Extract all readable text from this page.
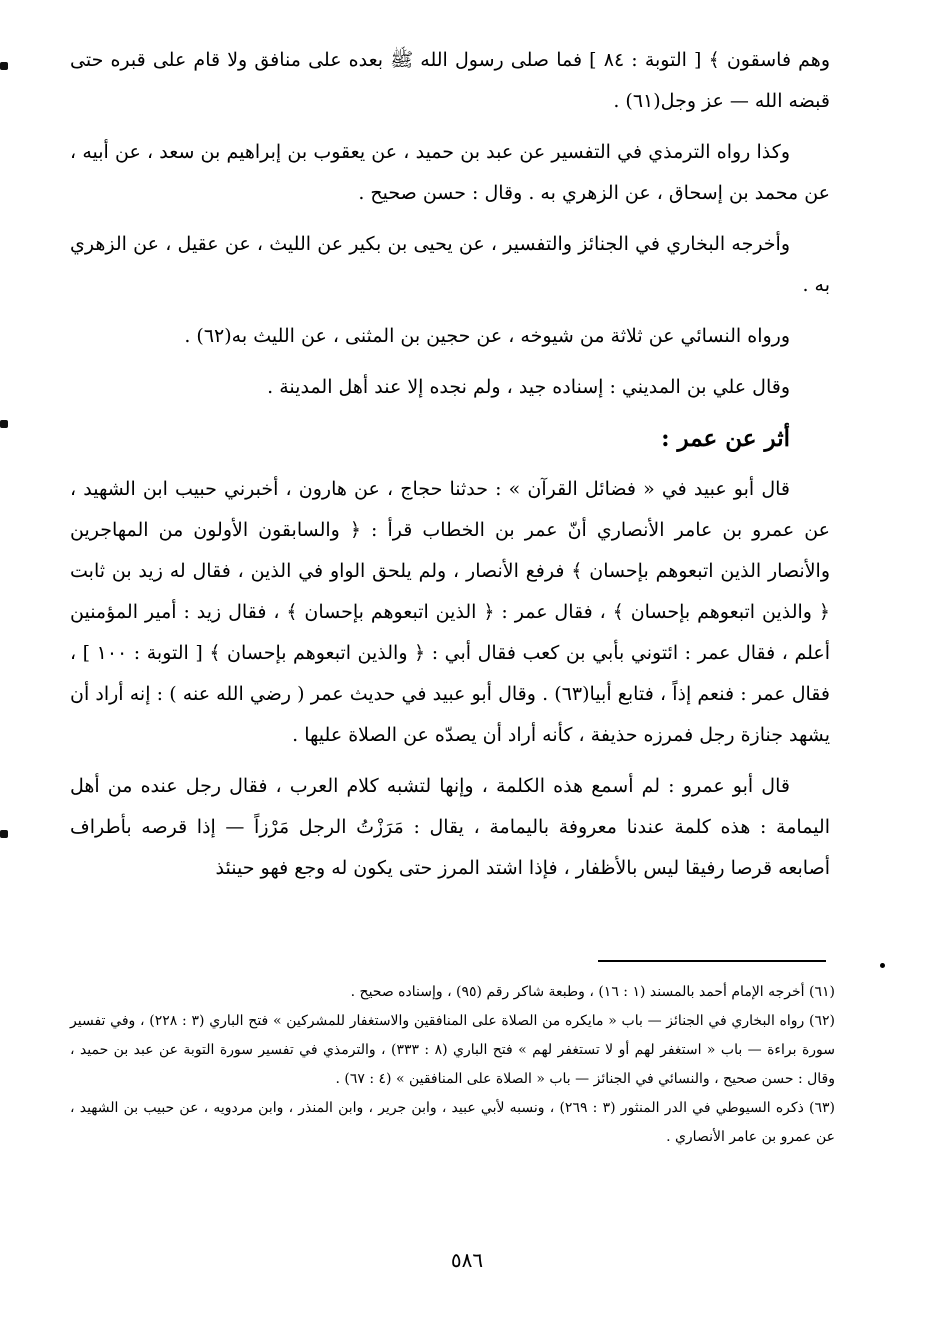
وهم فاسقون ﴾ [ التوبة : ٨٤ ] فما صلى رسول الله ﷺ بعده على منافق ولا قام على قبره حتى قبضه الله — عز وجل(٦١) .

وكذا رواه الترمذي في التفسير عن عبد بن حميد ، عن يعقوب بن إبراهيم بن سعد ، عن أبيه ، عن محمد بن إسحاق ، عن الزهري به . وقال : حسن صحيح .

وأخرجه البخاري في الجنائز والتفسير ، عن يحيى بن بكير عن الليث ، عن عقيل ، عن الزهري به .

ورواه النسائي عن ثلاثة من شيوخه ، عن حجين بن المثنى ، عن الليث به(٦٢) .

وقال علي بن المديني : إسناده جيد ، ولم نجده إلا عند أهل المدينة .

أثر عن عمر :

قال أبو عبيد في « فضائل القرآن » : حدثنا حجاج ، عن هارون ، أخبرني حبيب ابن الشهيد ، عن عمرو بن عامر الأنصاري أنّ عمر بن الخطاب قرأ : ﴿ والسابقون الأولون من المهاجرين والأنصار الذين اتبعوهم بإحسان ﴾ فرفع الأنصار ، ولم يلحق الواو في الذين ، فقال له زيد بن ثابت ﴿ والذين اتبعوهم بإحسان ﴾ ، فقال عمر : ﴿ الذين اتبعوهم بإحسان ﴾ ، فقال زيد : أمير المؤمنين أعلم ، فقال عمر : ائتوني بأبي بن كعب فقال أبي : ﴿ والذين اتبعوهم بإحسان ﴾ [ التوبة : ١٠٠ ] ، فقال عمر : فنعم إذاً ، فتابع أبيا(٦٣) . وقال أبو عبيد في حديث عمر ( رضي الله عنه ) : إنه أراد أن يشهد جنازة رجل فمرزه حذيفة ، كأنه أراد أن يصدّه عن الصلاة عليها .

قال أبو عمرو : لم أسمع هذه الكلمة ، وإنها لتشبه كلام العرب ، فقال رجل عنده من أهل اليمامة : هذه كلمة عندنا معروفة باليمامة ، يقال : مَرَزْتُ الرجل مَرْزاً — إذا قرصه بأطراف أصابعه قرصا رفيقا ليس بالأظفار ، فإذا اشتد المرز حتى يكون له وجع فهو حينئذ

(٦١) أخرجه الإمام أحمد بالمسند (١ : ١٦) ، وطبعة شاكر رقم (٩٥) ، وإسناده صحيح .

(٦٢) رواه البخاري في الجنائز — باب « مايكره من الصلاة على المنافقين والاستغفار للمشركين » فتح الباري (٣ : ٢٢٨) ، وفي تفسير سورة براءة — باب « استغفر لهم أو لا تستغفر لهم » فتح الباري (٨ : ٣٣٣) ، والترمذي في تفسير سورة التوبة عن عبد بن حميد ، وقال : حسن صحيح ، والنسائي في الجنائز — باب « الصلاة على المنافقين » (٤ : ٦٧) .

(٦٣) ذكره السيوطي في الدر المنثور (٣ : ٢٦٩) ، ونسبه لأبي عبيد ، وابن جرير ، وابن المنذر ، وابن مردويه ، عن حبيب بن الشهيد ، عن عمرو بن عامر الأنصاري .

٥٨٦
